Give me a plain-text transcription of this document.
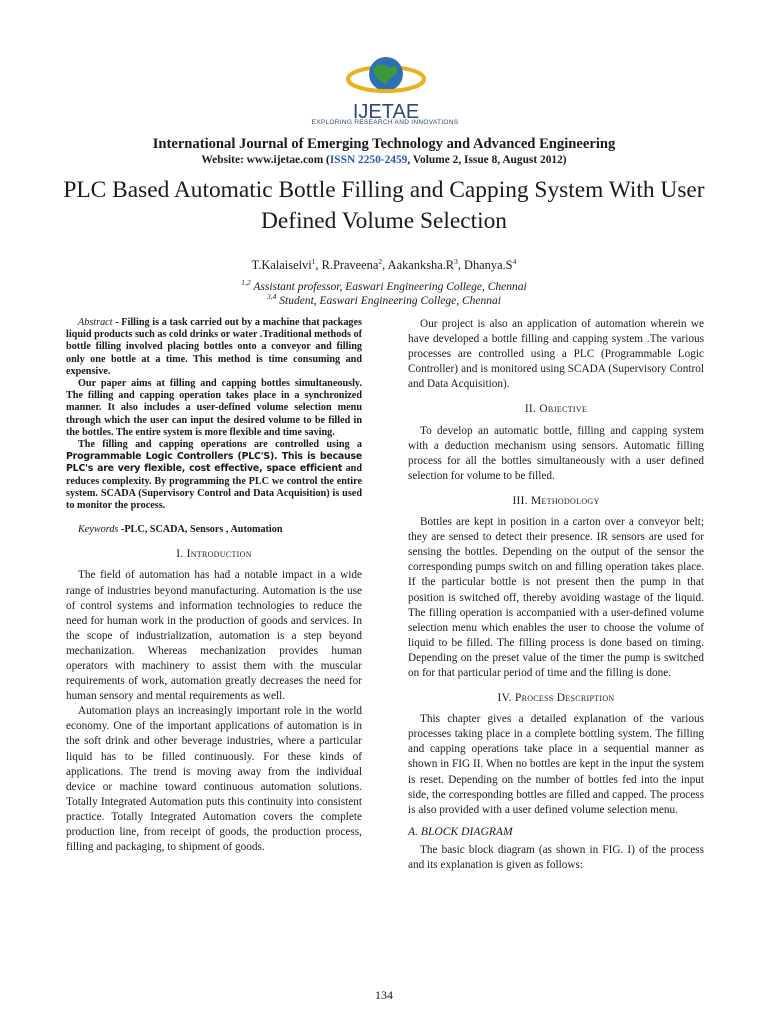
IJETAE
EXPLORING RESEARCH AND INNOVATIONS
International Journal of Emerging Technology and Advanced Engineering
Website: www.ijetae.com (ISSN 2250-2459, Volume 2, Issue 8, August 2012)
PLC Based Automatic Bottle Filling and Capping System With User Defined Volume Selection
T.Kalaiselvi$^1$, R.Praveena$^2$, $Aakanksha.R^3$, $Dhanya.S^4$
$^{1,2}$ Assistant professor, Easwari Engineering College, Chennai
$^{3,4}$ Student, Easwari Engineering College, Chennai

Abstract - Filling is a task carried out by a machine that packages liquid products such as cold drinks or water .Traditional methods of bottle filling involved placing bottles onto a conveyor and filling only one bottle at a time. This method is time consuming and expensive.

Our paper aims at filling and capping bottles simultaneously. The filling and capping operation takes place in a synchronized manner. It also includes a user-defined volume selection menu through which the user can input the desired volume to be filled in the bottles. The entire system is more flexible and time saving.

The filling and capping operations are controlled using a Programmable Logic Controllers (PLC'S). This is because PLC's are very flexible, cost effective, space efficient and reduces complexity. By programming the PLC we control the entire system. SCADA (Supervisory Control and Data Acquisition) is used to monitor the process.

Keywords -PLC, SCADA, Sensors , Automation

I. Introduction

The field of automation has had a notable impact in a wide range of industries beyond manufacturing. Automation is the use of control systems and information technologies to reduce the need for human work in the production of goods and services. In the scope of industrialization, automation is a step beyond mechanization. Whereas mechanization provides human operators with machinery to assist them with the muscular requirements of work, automation greatly decreases the need for human sensory and mental requirements as well.

Automation plays an increasingly important role in the world economy. One of the important applications of automation is in the soft drink and other beverage industries, where a particular liquid has to be filled continuously. For these kinds of applications. The trend is moving away from the individual device or machine toward continuous automation solutions. Totally Integrated Automation puts this continuity into consistent practice. Totally Integrated Automation covers the complete production line, from receipt of goods, the production process, filling and packaging, to shipment of goods.

Our project is also an application of automation wherein we have developed a bottle filling and capping system .The various processes are controlled using a PLC (Programmable Logic Controller) and is monitored using SCADA (Supervisory Control and Data Acquisition).

II. Objective

To develop an automatic bottle, filling and capping system with a deduction mechanism using sensors. Automatic filling process for all the bottles simultaneously with a user defined selection for volume to be filled.

III. Methodology

Bottles are kept in position in a carton over a conveyor belt; they are sensed to detect their presence. IR sensors are used for sensing the bottles. Depending on the output of the sensor the corresponding pumps switch on and filling operation takes place. If the particular bottle is not present then the pump in that position is switched off, thereby avoiding wastage of the liquid. The filling operation is accompanied with a user-defined volume selection menu which enables the user to choose the volume of liquid to be filled. The filling process is done based on timing. Depending on the preset value of the timer the pump is switched on for that particular period of time and the filling is done.

IV. Process Description

This chapter gives a detailed explanation of the various processes taking place in a complete bottling system. The filling and capping operations take place in a sequential manner as shown in FIG II. When no bottles are kept in the input the system is reset. Depending on the number of bottles fed into the input side, the corresponding bottles are filled and capped. The process is also provided with a user defined volume selection menu.

A. BLOCK DIAGRAM

The basic block diagram (as shown in FIG. I) of the process and its explanation is given as follows:

134
